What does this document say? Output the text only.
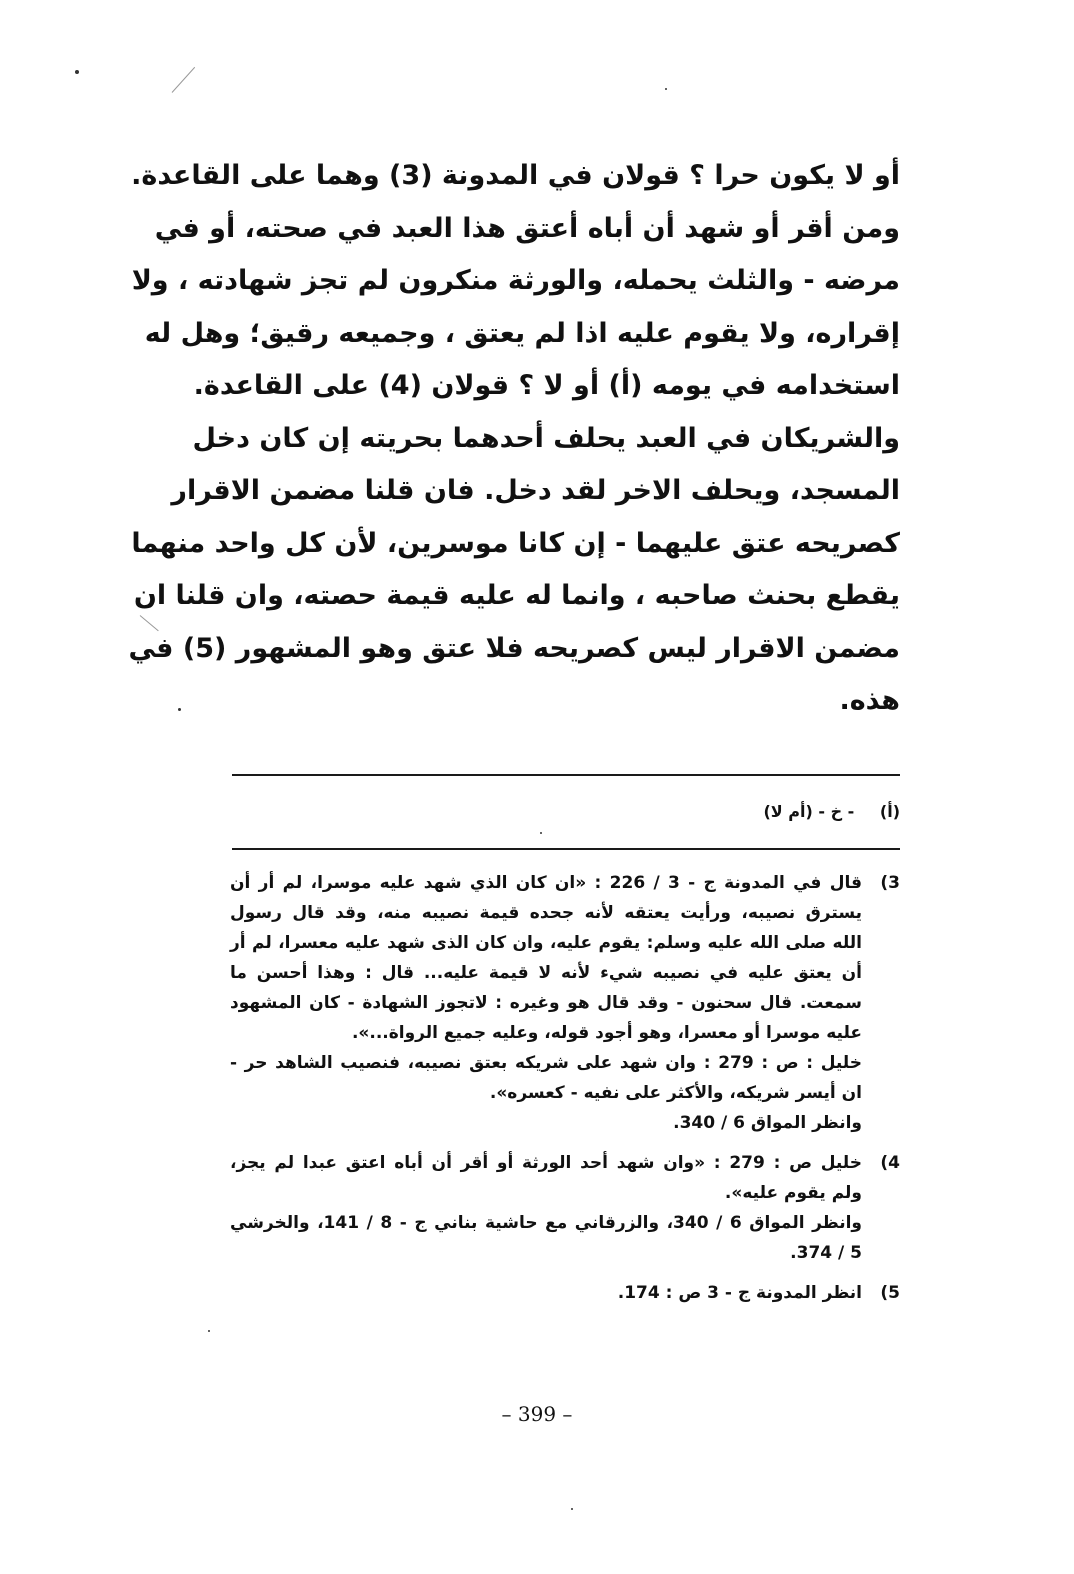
أو لا يكون حرا ؟ قولان في المدونة (3) وهما على القاعدة.
ومن أقر أو شهد أن أباه أعتق هذا العبد في صحته، أو في
مرضه - والثلث يحمله، والورثة منكرون لم تجز شهادته ، ولا
إقراره، ولا يقوم عليه اذا لم يعتق ، وجميعه رقيق؛ وهل له
استخدامه في يومه (أ) أو لا ؟ قولان (4) على القاعدة.
والشريكان في العبد يحلف أحدهما بحريته إن كان دخل
المسجد، ويحلف الاخر لقد دخل. فان قلنا مضمن الاقرار
كصريحه عتق عليهما - إن كانا موسرين، لأن كل واحد منهما
يقطع بحنث صاحبه ، وانما له عليه قيمة حصته، وان قلنا ان
مضمن الاقرار ليس كصريحه فلا عتق وهو المشهور (5) في
هذه.
(أ) - خ - (أم لا)
(3
قال في المدونة ج - 3 / 226 : «ان كان الذي شهد عليه موسرا، لم أر أن
يسترق نصيبه، ورأيت يعتقه لأنه جحده قيمة نصيبه منه، وقد قال رسول
الله صلى الله عليه وسلم: يقوم عليه، وان كان الذى شهد عليه معسرا، لم أر
أن يعتق عليه في نصيبه شيء لأنه لا قيمة عليه... قال : وهذا أحسن ما
سمعت. قال سحنون - وقد قال هو وغيره : لاتجوز الشهادة - كان المشهود
عليه موسرا أو معسرا، وهو أجود قوله، وعليه جميع الرواة...».
خليل : ص : 279 : وان شهد على شريكه بعتق نصيبه، فنصيب الشاهد حر -
ان أيسر شريكه، والأكثر على نفيه - كعسره».
وانظر المواق 6 / 340.
(4
خليل ص : 279 : «وان شهد أحد الورثة أو أقر أن أباه اعتق عبدا لم يجز،
ولم يقوم عليه».
وانظر المواق 6 / 340، والزرقاني مع حاشية بناني ج - 8 / 141، والخرشي
5 / 374.
(5
انظر المدونة ج - 3 ص : 174.
– 399 –
